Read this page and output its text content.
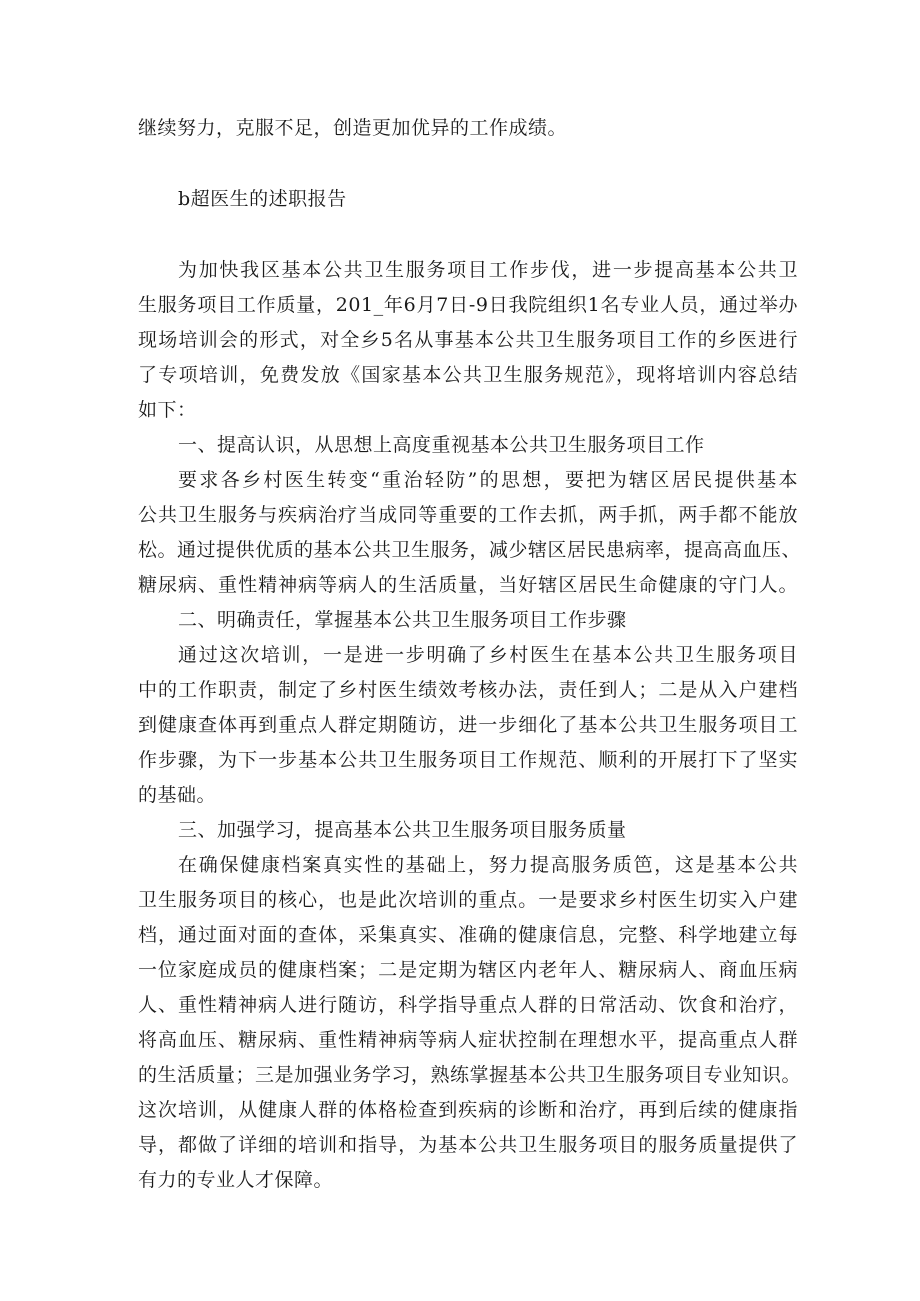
继续努力，克服不足，创造更加优异的工作成绩。
b超医生的述职报告
为加快我区基本公共卫生服务项目工作步伐，进一步提高基本公共卫
生服务项目工作质量，201_年6月7日-9日我院组织1名专业人员，通过举办
现场培训会的形式，对全乡5名从事基本公共卫生服务项目工作的乡医进行
了专项培训，免费发放《国家基本公共卫生服务规范》，现将培训内容总结
如下：
一、提高认识，从思想上高度重视基本公共卫生服务项目工作
要求各乡村医生转变“重治轻防”的思想，要把为辖区居民提供基本
公共卫生服务与疾病治疗当成同等重要的工作去抓，两手抓，两手都不能放
松。通过提供优质的基本公共卫生服务，减少辖区居民患病率，提高高血压、
糖尿病、重性精神病等病人的生活质量，当好辖区居民生命健康的守门人。
二、明确责任，掌握基本公共卫生服务项目工作步骤
通过这次培训，一是进一步明确了乡村医生在基本公共卫生服务项目
中的工作职责，制定了乡村医生绩效考核办法，责任到人；二是从入户建档
到健康查体再到重点人群定期随访，进一步细化了基本公共卫生服务项目工
作步骤，为下一步基本公共卫生服务项目工作规范、顺利的开展打下了坚实
的基础。
三、加强学习，提高基本公共卫生服务项目服务质量
在确保健康档案真实性的基础上，努力提高服务质笆，这是基本公共
卫生服务项目的核心，也是此次培训的重点。一是要求乡村医生切实入户建
档，通过面对面的查体，采集真实、准确的健康信息，完整、科学地建立每
一位家庭成员的健康档案；二是定期为辖区内老年人、糖尿病人、商血压病
人、重性精神病人进行随访，科学指导重点人群的日常活动、饮食和治疗，
将高血压、糖尿病、重性精神病等病人症状控制在理想水平，提高重点人群
的生活质量；三是加强业务学习，熟练掌握基本公共卫生服务项目专业知识。
这次培训，从健康人群的体格检查到疾病的诊断和治疗，再到后续的健康指
导，都做了详细的培训和指导，为基本公共卫生服务项目的服务质量提供了
有力的专业人才保障。
